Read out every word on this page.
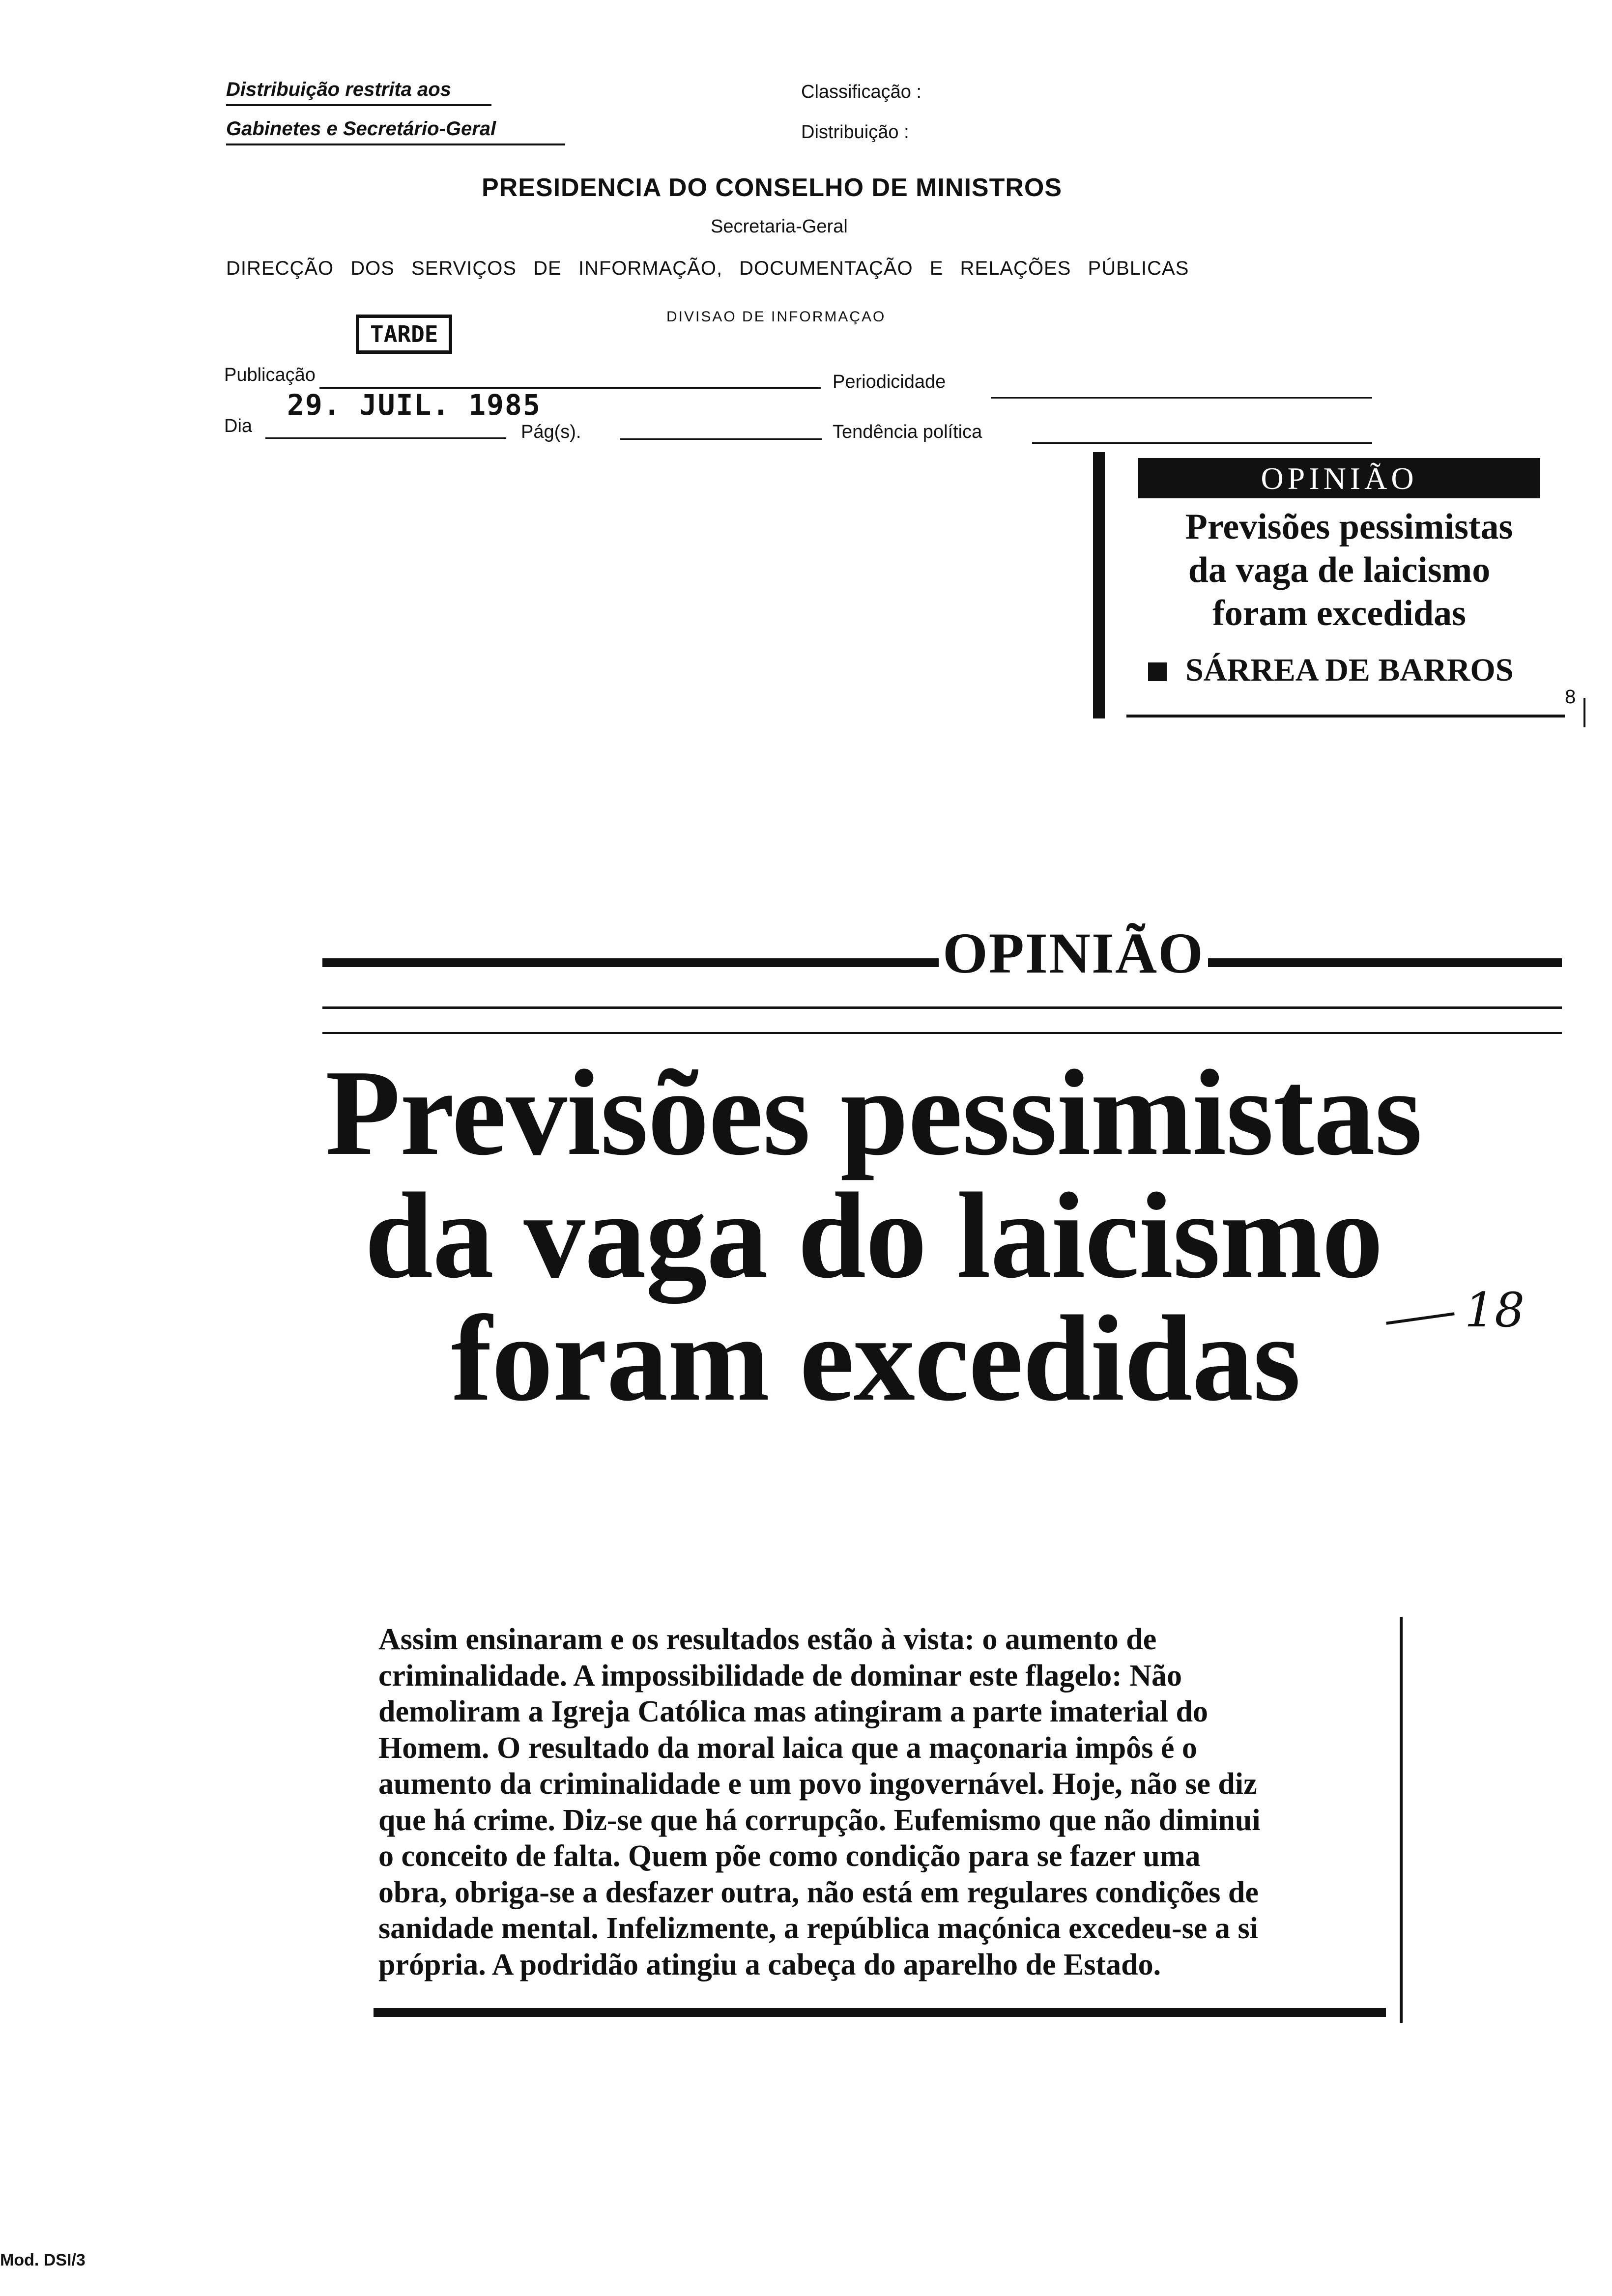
Distribuição restrita aos
Gabinetes e Secretário-Geral
Classificação :
Distribuição :
PRESIDENCIA DO CONSELHO DE MINISTROS
Secretaria-Geral
DIRECÇÃO DOS SERVIÇOS DE INFORMAÇÃO, DOCUMENTAÇÃO E RELAÇÕES PÚBLICAS
DIVISAO DE INFORMAÇAO
TARDE
Publicação
29. JUIL. 1985
Periodicidade
Dia	Pág(s).	Tendência política
OPINIÃO
Previsões pessimistas
da vaga de laicismo
foram excedidas
SÁRREA DE BARROS
8
OPINIÃO
Previsões pessimistas
da vaga do laicismo
foram excedidas	18
Assim ensinaram e os resultados estão à vista: o aumento de
criminalidade. A impossibilidade de dominar este flagelo: Não
demoliram a Igreja Católica mas atingiram a parte imaterial do
Homem. O resultado da moral laica que a maçonaria impôs é o
aumento da criminalidade e um povo ingovernável. Hoje, não se diz
que há crime. Diz-se que há corrupção. Eufemismo que não diminui
o conceito de falta. Quem põe como condição para se fazer uma
obra, obriga-se a desfazer outra, não está em regulares condições de
sanidade mental. Infelizmente, a república maçónica excedeu-se a si
própria. A podridão atingiu a cabeça do aparelho de Estado.
Mod. DSI/3
